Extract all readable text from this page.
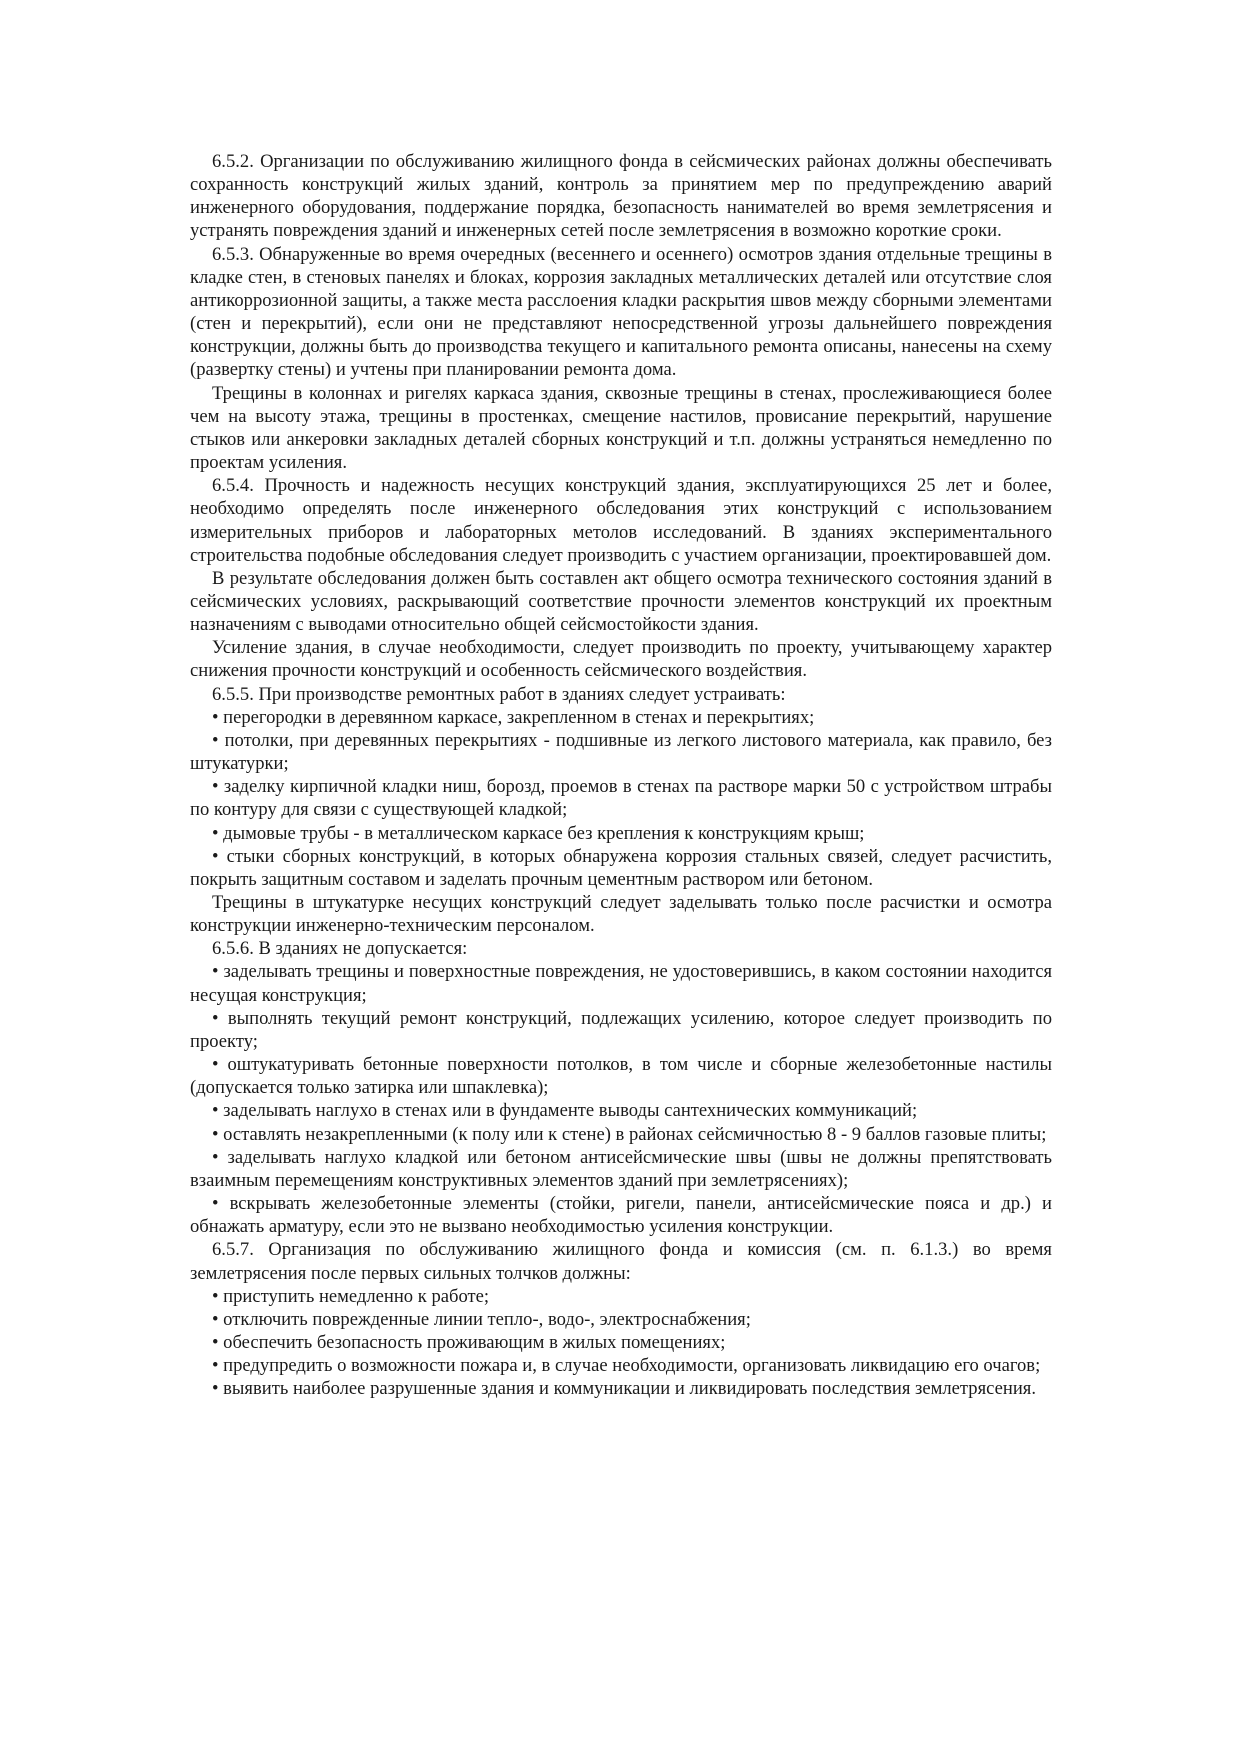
6.5.2. Организации по обслуживанию жилищного фонда в сейсмических районах должны обеспечивать сохранность конструкций жилых зданий, контроль за принятием мер по предупреждению аварий инженерного оборудования, поддержание порядка, безопасность нанимателей во время землетрясения и устранять повреждения зданий и инженерных сетей после землетрясения в возможно короткие сроки.

6.5.3. Обнаруженные во время очередных (весеннего и осеннего) осмотров здания отдельные трещины в кладке стен, в стеновых панелях и блоках, коррозия закладных металлических деталей или отсутствие слоя антикоррозионной защиты, а также места расслоения кладки раскрытия швов между сборными элементами (стен и перекрытий), если они не представляют непосредственной угрозы дальнейшего повреждения конструкции, должны быть до производства текущего и капитального ремонта описаны, нанесены на схему (развертку стены) и учтены при планировании ремонта дома.

Трещины в колоннах и ригелях каркаса здания, сквозные трещины в стенах, прослеживающиеся более чем на высоту этажа, трещины в простенках, смещение настилов, провисание перекрытий, нарушение стыков или анкеровки закладных деталей сборных конструкций и т.п. должны устраняться немедленно по проектам усиления.

6.5.4. Прочность и надежность несущих конструкций здания, эксплуатирующихся 25 лет и более, необходимо определять после инженерного обследования этих конструкций с использованием измерительных приборов и лабораторных метолов исследований. В зданиях экспериментального строительства подобные обследования следует производить с участием организации, проектировавшей дом.

В результате обследования должен быть составлен акт общего осмотра технического состояния зданий в сейсмических условиях, раскрывающий соответствие прочности элементов конструкций их проектным назначениям с выводами относительно общей сейсмостойкости здания.

Усиление здания, в случае необходимости, следует производить по проекту, учитывающему характер снижения прочности конструкций и особенность сейсмического воздействия.

6.5.5. При производстве ремонтных работ в зданиях следует устраивать:

• перегородки в деревянном каркасе, закрепленном в стенах и перекрытиях;

• потолки, при деревянных перекрытиях - подшивные из легкого листового материала, как правило, без штукатурки;

• заделку кирпичной кладки ниш, борозд, проемов в стенах па растворе марки 50 с устройством штрабы по контуру для связи с существующей кладкой;

• дымовые трубы - в металлическом каркасе без крепления к конструкциям крыш;

• стыки сборных конструкций, в которых обнаружена коррозия стальных связей, следует расчистить, покрыть защитным составом и заделать прочным цементным раствором или бетоном.

Трещины в штукатурке несущих конструкций следует заделывать только после расчистки и осмотра конструкции инженерно-техническим персоналом.

6.5.6. В зданиях не допускается:

• заделывать трещины и поверхностные повреждения, не удостоверившись, в каком состоянии находится несущая конструкция;

• выполнять текущий ремонт конструкций, подлежащих усилению, которое следует производить по проекту;

• оштукатуривать бетонные поверхности потолков, в том числе и сборные железобетонные настилы (допускается только затирка или шпаклевка);

• заделывать наглухо в стенах или в фундаменте выводы сантехнических коммуникаций;

• оставлять незакрепленными (к полу или к стене) в районах сейсмичностью 8 - 9 баллов газовые плиты;

• заделывать наглухо кладкой или бетоном антисейсмические швы (швы не должны препятствовать взаимным перемещениям конструктивных элементов зданий при землетрясениях);

• вскрывать железобетонные элементы (стойки, ригели, панели, антисейсмические пояса и др.) и обнажать арматуру, если это не вызвано необходимостью усиления конструкции.

6.5.7. Организация по обслуживанию жилищного фонда и комиссия (см. п. 6.1.3.) во время землетрясения после первых сильных толчков должны:

• приступить немедленно к работе;

• отключить поврежденные линии тепло-, водо-, электроснабжения;

• обеспечить безопасность проживающим в жилых помещениях;

• предупредить о возможности пожара и, в случае необходимости, организовать ликвидацию его очагов;

• выявить наиболее разрушенные здания и коммуникации и ликвидировать последствия землетрясения.
